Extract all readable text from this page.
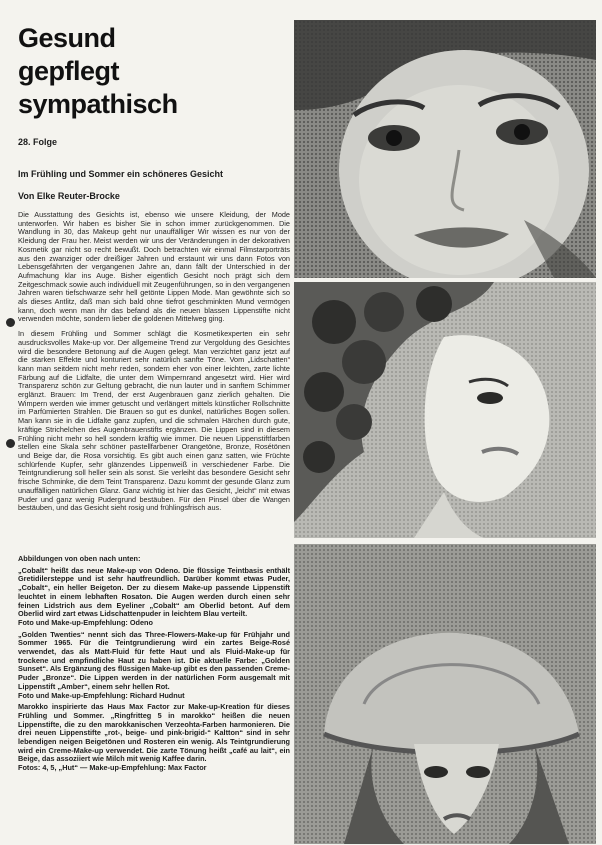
Gesund
gepflegt
sympathisch
28. Folge
Im Frühling und Sommer ein schöneres Gesicht
Von Elke Reuter-Brocke

Die Ausstattung des Gesichts ist, ebenso wie unsere Kleidung, der Mode unterworfen. Wir haben es bisher Sie in schon immer zurückgenommen. Die Wandlung in 30, das Makeup geht nur unauffälliger Wir wissen es nur von der Kleidung der Frau her. Meist werden wir uns der Veränderungen in der dekorativen Kosmetik gar nicht so recht bewußt. Doch betrachten wir einmal Filmstarporträts aus den zwanziger oder dreißiger Jahren und erstaunt wir uns dann Fotos von Lebensgefährten der vergangenen Jahre an, dann fällt der Unterschied in der Aufmachung klar ins Auge. Bisher eigentlich Gesicht noch prägt sich dem Zeitgeschmack sowie auch individuell mit Zeugenführungen, so in den vergangenen Jahren waren tiefschwarze sehr hell getönte Lippen Mode. Man gewöhnte sich so als dieses Antlitz, daß man sich bald ohne tiefrot geschminkten Mund vermögen kann, doch wenn man ihr das befand als die neuen blassen Lippenstifte nicht verwenden möchte, sondern lieber die goldenen Mittelweg ging.

In diesem Frühling und Sommer schlägt die Kosmetikexperten ein sehr ausdrucksvolles Make-up vor. Der allgemeine Trend zur Vergoldung des Gesichtes wird die besondere Betonung auf die Augen gelegt. Man verzichtet ganz jetzt auf die starken Effekte und konturiert sehr natürlich sanfte Töne. Vom „Lidschatten“ kann man seitdem nicht mehr reden, sondern eher von einer leichten, zarte lichte Färbung auf die Lidfalte, die unter dem Wimpernrand angesetzt wird. Hier wird Transparenz schön zur Geltung gebracht, die nun lauter und in sanftem Schimmer erglänzt. Brauen: Im Trend, der erst Augenbrauen ganz zierlich gehalten. Die Wimpern werden wie immer getuscht und verlängert mittels künstlicher Rollschnitte im Parfümierten Strahlen. Die Brauen so gut es dunkel, natürliches Bogen sollen. Man kann sie in die Lidfalte ganz zupfen, und die schmalen Härchen durch gute, kräftige Strichelchen des Augenbrauenstifts ergänzen. Die Lippen sind in diesem Frühling nicht mehr so hell sondern kräftig wie immer. Die neuen Lippenstiftfarben stellen eine Skala sehr schöner pastellfarbener Orangetöne, Bronze, Rosétönen und Beige dar, die Rosa vorsichtig. Es gibt auch einen ganz satten, wie Früchte schlürfende Kupfer, sehr glänzendes Lippenweiß in verschiedener Farbe. Die Teintgrundierung soll heller sein als sonst. Sie verleiht das besondere Gesicht sehr frische Schminke, die dem Teint Transparenz. Dazu kommt der gesunde Glanz zum unauffälligen natürlichen Glanz. Ganz wichtig ist hier das Gesicht, „leicht“ mit etwas Puder und ganz wenig Pudergrund bestäuben. Für den Pinsel über die Wangen bestäuben, und das Gesicht sieht rosig und frühlingsfrisch aus.

Abbildungen von oben nach unten:

„Cobalt“ heißt das neue Make-up von Odeno. Die flüssige Teintbasis enthält Gretidilersteppe und ist sehr hautfreundlich. Darüber kommt etwas Puder, „Cobalt“, ein heller Beigeton. Der zu diesem Make-up passende Lippenstift leuchtet in einem lebhaften Rosaton. Die Augen werden durch einen sehr feinen Lidstrich aus dem Eyeliner „Cobalt“ am Oberlid betont. Auf dem Oberlid wird zart etwas Lidschattenpuder in leichtem Blau verteilt.

Foto und Make-up-Empfehlung: Odeno

„Golden Twenties“ nennt sich das Three-Flowers-Make-up für Frühjahr und Sommer 1965. Für die Teintgrundierung wird ein zartes Beige-Rosé verwendet, das als Matt-Fluid für fette Haut und als Fluid-Make-up für trockene und empfindliche Haut zu haben ist. Die aktuelle Farbe: „Golden Sunset“. Als Ergänzung des flüssigen Make-up gibt es den passenden Creme-Puder „Bronze“. Die Lippen werden in der natürlichen Form ausgemalt mit Lippenstift „Amber“, einem sehr hellen Rot.

Foto und Make-up-Empfehlung: Richard Hudnut

Marokko inspirierte das Haus Max Factor zur Make-up-Kreation für dieses Frühling und Sommer. „Ringfritteg 5 in marokko“ heißen die neuen Lippenstifte, die zu den marokkanischen Verzeohta-Farben harmonieren. Die drei neuen Lippenstifte „rot-, beige- und pink-brigid-“ Kaltton“ sind in sehr lebendigen neigen Beigetönen und Rosteren ein wenig. Als Teintgrundierung wird ein Creme-Make-up verwendet. Die zarte Tönung heißt „café au lait“, ein Beige, das assoziiert wie Milch mit wenig Kaffee darin.

Fotos: 4, 5, „Hut“ — Make-up-Empfehlung: Max Factor
